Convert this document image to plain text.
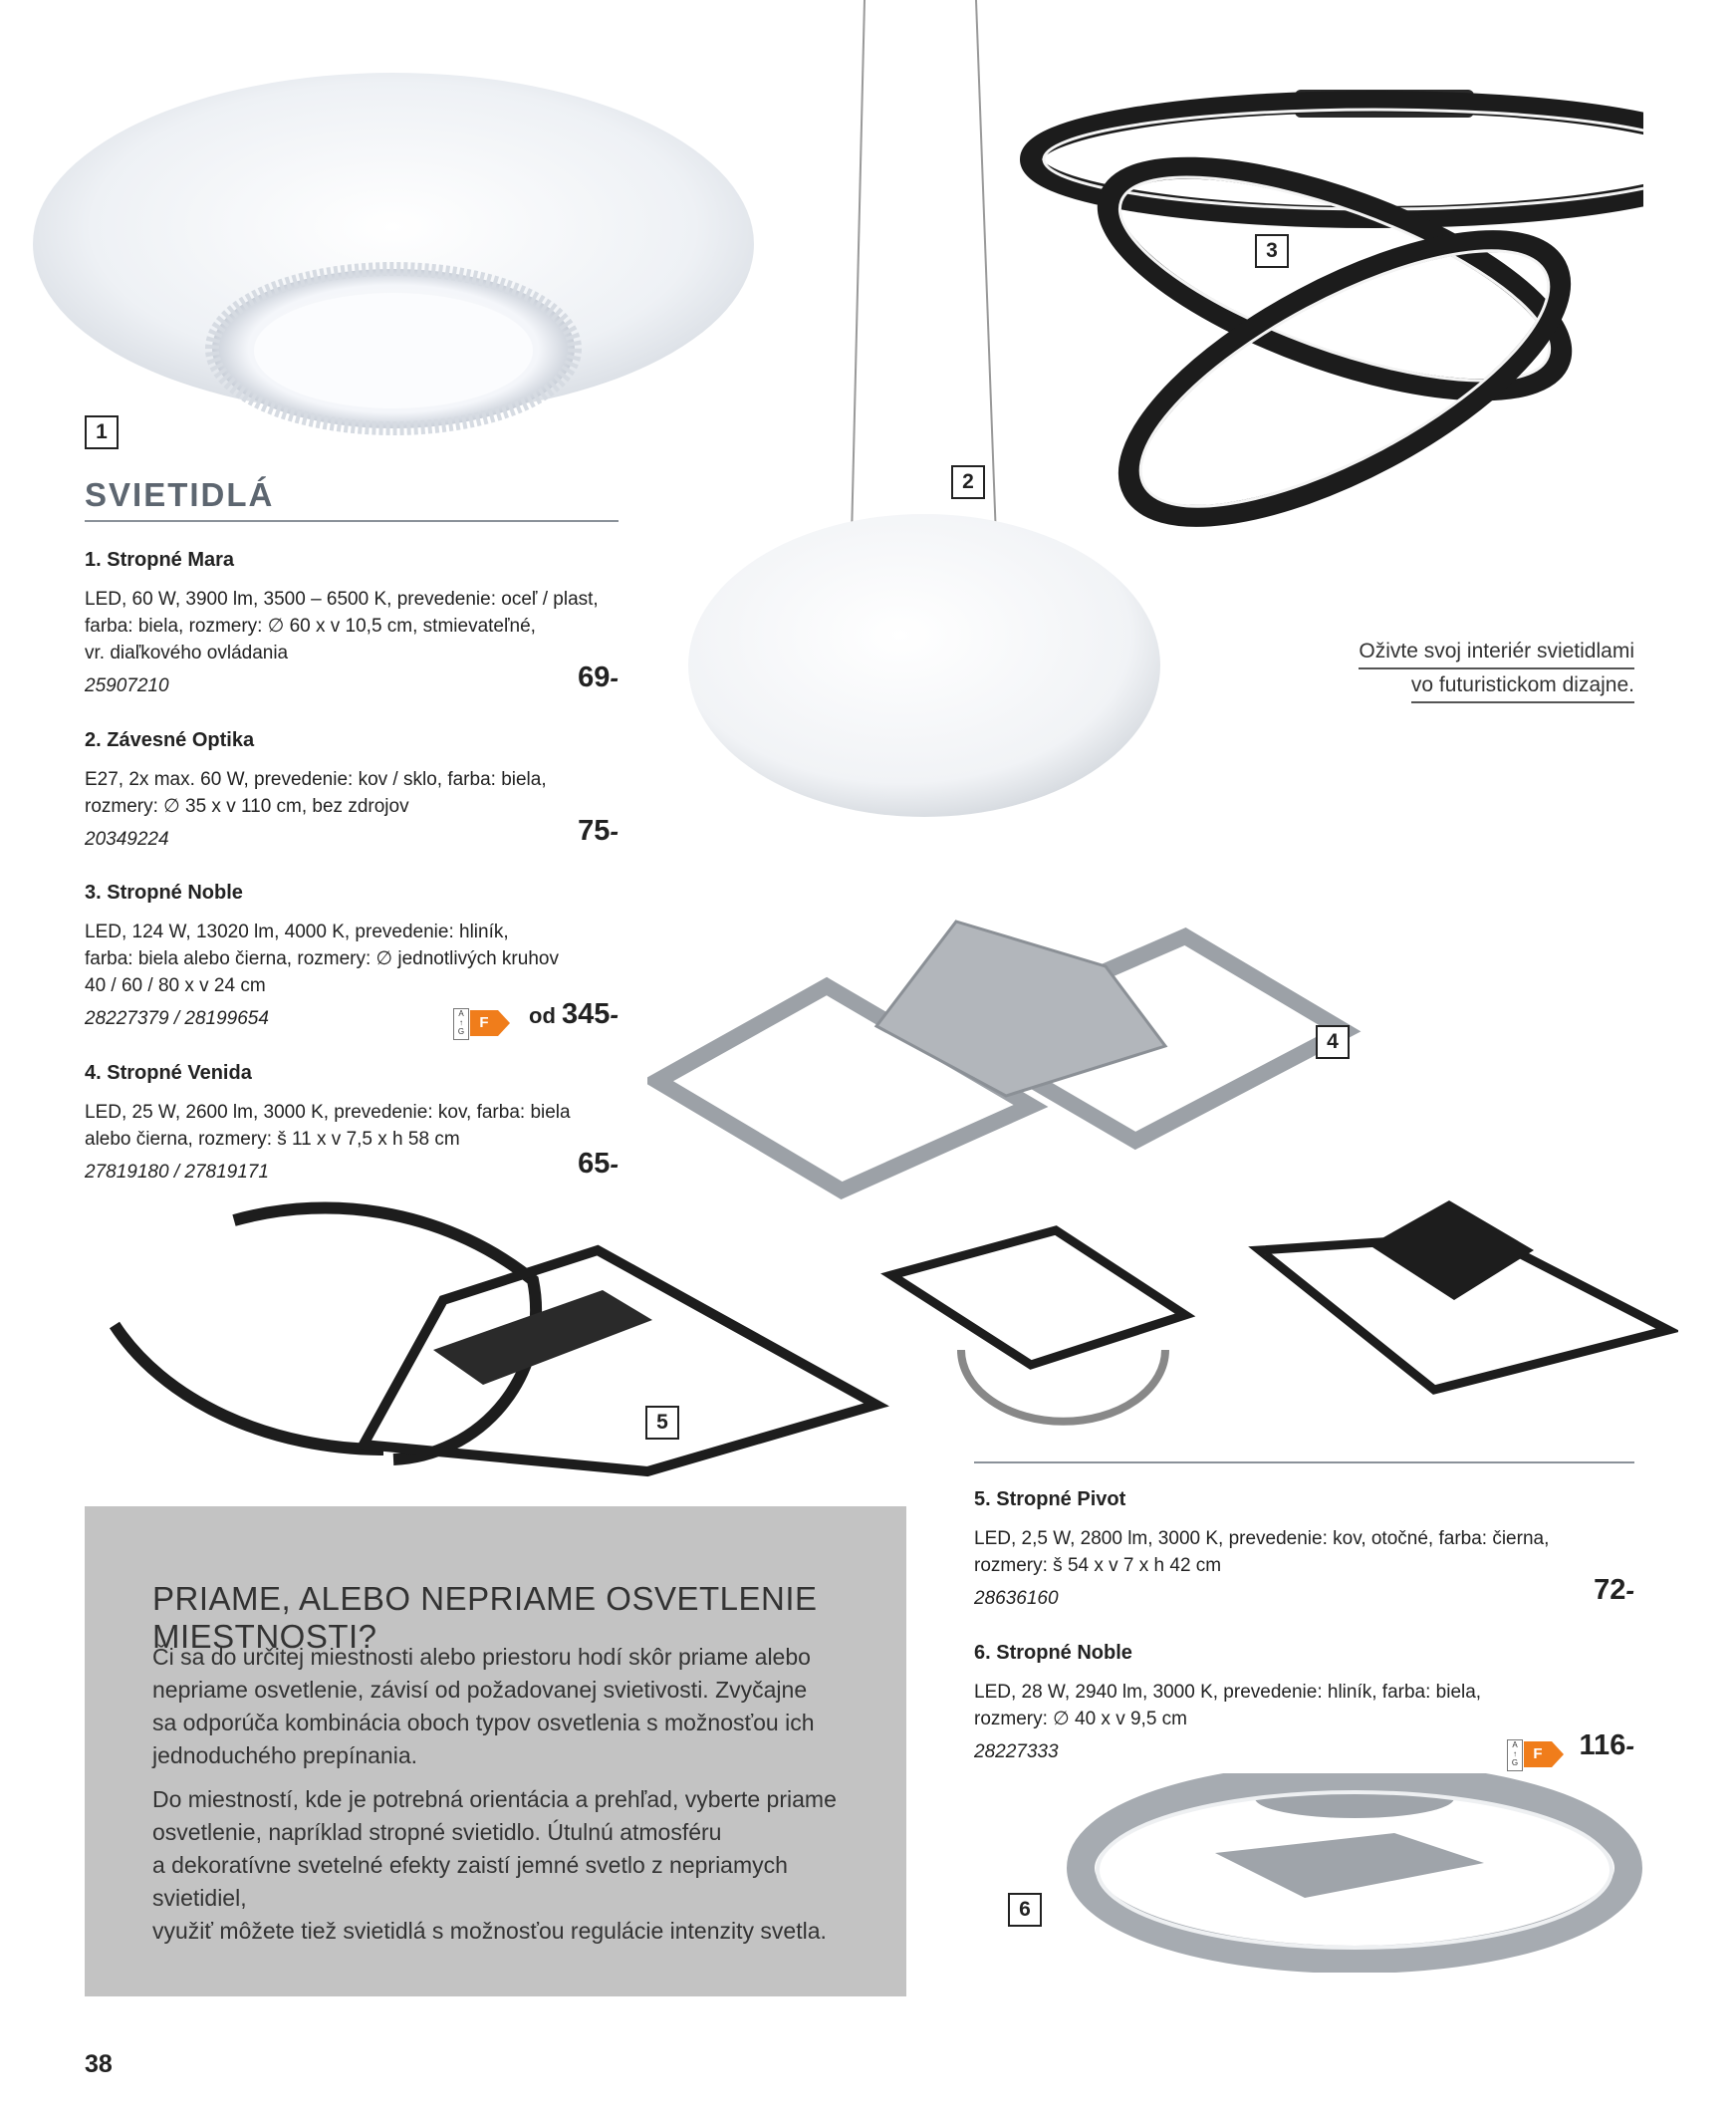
1
2
3
4
5
6
SVIETIDLÁ
1. Stropné Mara

LED, 60 W, 3900 lm, 3500 – 6500 K, prevedenie: oceľ / plast,
farba: biela, rozmery: ∅ 60 x v 10,5 cm, stmievateľné,
vr. diaľkového ovládania

25907210	69-
2. Závesné Optika

E27, 2x max. 60 W, prevedenie: kov / sklo, farba: biela,
rozmery: ∅ 35 x v 110 cm, bez zdrojov

20349224	75-
3. Stropné Noble

LED, 124 W, 13020 lm, 4000 K, prevedenie: hliník,
farba: biela alebo čierna, rozmery: ∅ jednotlivých kruhov
40 / 60 / 80 x v 24 cm

28227379 / 28199654	A
↑
G
F	od 345-
4. Stropné Venida

LED, 25 W, 2600 lm, 3000 K, prevedenie: kov, farba: biela
alebo čierna, rozmery: š 11 x v 7,5 x h 58 cm

27819180 / 27819171	65-
Oživte svoj interiér svietidlami
vo futuristickom dizajne.
5. Stropné Pivot

LED, 2,5 W, 2800 lm, 3000 K, prevedenie: kov, otočné, farba: čierna,
rozmery: š 54 x v 7 x h 42 cm

28636160	72-
6. Stropné Noble

LED, 28 W, 2940 lm, 3000 K, prevedenie: hliník, farba: biela,
rozmery: ∅ 40 x v 9,5 cm

28227333	A
↑
G
F	116-
PRIAME, ALEBO NEPRIAME OSVETLENIE MIESTNOSTI?

Či sa do určitej miestnosti alebo priestoru hodí skôr priame alebo
nepriame osvetlenie, závisí od požadovanej svietivosti. Zvyčajne
sa odporúča kombinácia oboch typov osvetlenia s možnosťou ich
jednoduchého prepínania.

Do miestností, kde je potrebná orientácia a prehľad, vyberte priame
osvetlenie, napríklad stropné svietidlo. Útulnú atmosféru
a dekoratívne svetelné efekty zaistí jemné svetlo z nepriamych svietidiel,
využiť môžete tiež svietidlá s možnosťou regulácie intenzity svetla.

38
